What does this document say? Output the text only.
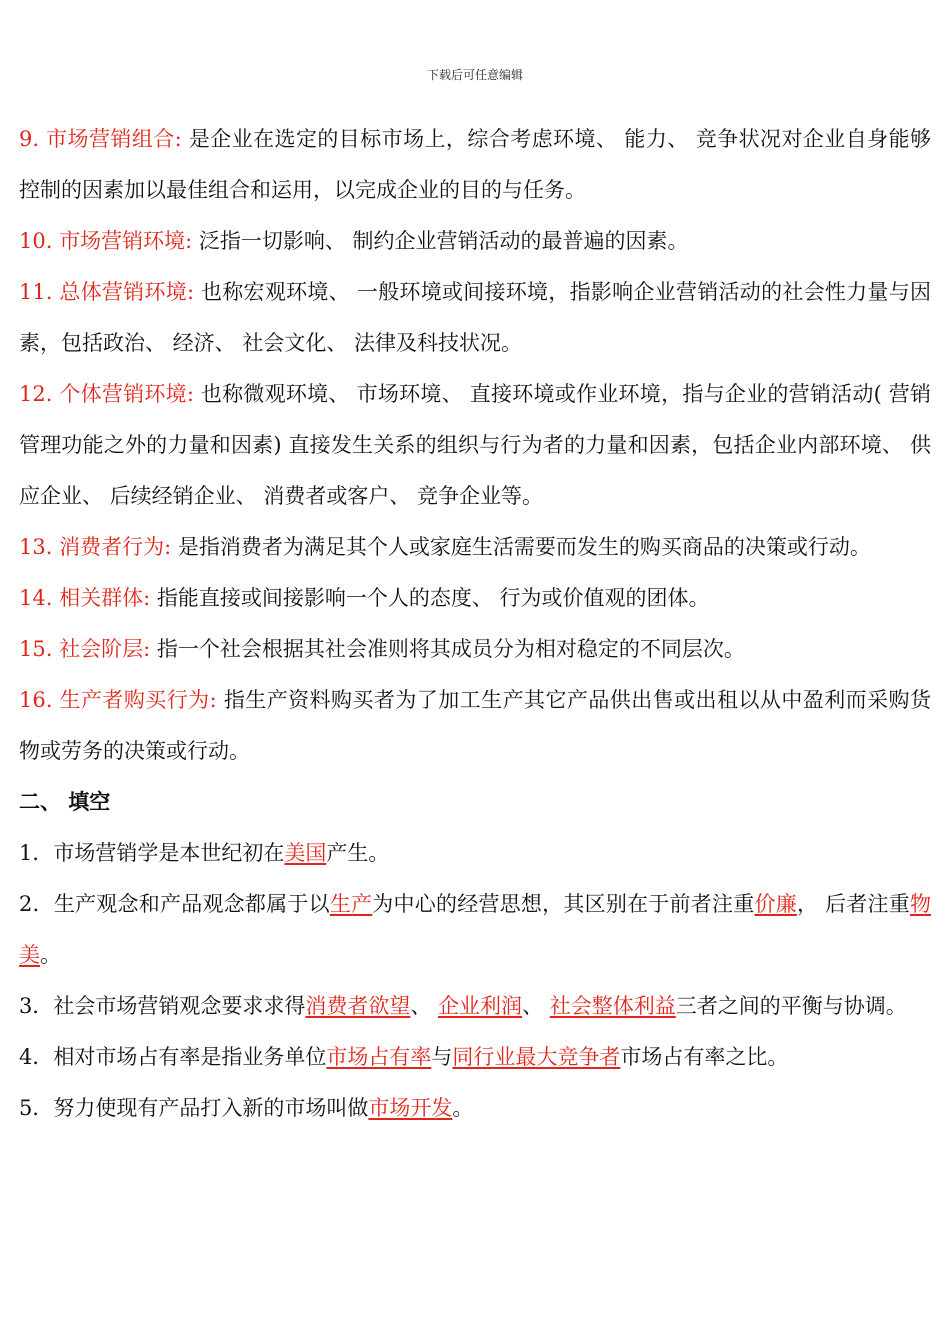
下载后可任意编辑

9. 市场营销组合: 是企业在选定的目标市场上，综合考虑环境、 能力、 竞争状况对企业自身能够控制的因素加以最佳组合和运用，以完成企业的目的与任务。

10. 市场营销环境: 泛指一切影响、 制约企业营销活动的最普遍的因素。

11. 总体营销环境: 也称宏观环境、 一般环境或间接环境，指影响企业营销活动的社会性力量与因素，包括政治、 经济、 社会文化、 法律及科技状况。

12. 个体营销环境: 也称微观环境、 市场环境、 直接环境或作业环境，指与企业的营销活动( 营销管理功能之外的力量和因素) 直接发生关系的组织与行为者的力量和因素，包括企业内部环境、 供应企业、 后续经销企业、 消费者或客户、 竞争企业等。

13. 消费者行为: 是指消费者为满足其个人或家庭生活需要而发生的购买商品的决策或行动。

14. 相关群体: 指能直接或间接影响一个人的态度、 行为或价值观的团体。

15. 社会阶层: 指一个社会根据其社会准则将其成员分为相对稳定的不同层次。

16. 生产者购买行为: 指生产资料购买者为了加工生产其它产品供出售或出租以从中盈利而采购货物或劳务的决策或行动。

二、 填空

1．市场营销学是本世纪初在美国产生。

2．生产观念和产品观念都属于以生产为中心的经营思想，其区别在于前者注重价廉， 后者注重物美。

3．社会市场营销观念要求求得消费者欲望、 企业利润、 社会整体利益三者之间的平衡与协调。

4．相对市场占有率是指业务单位市场占有率与同行业最大竞争者市场占有率之比。

5．努力使现有产品打入新的市场叫做市场开发。
